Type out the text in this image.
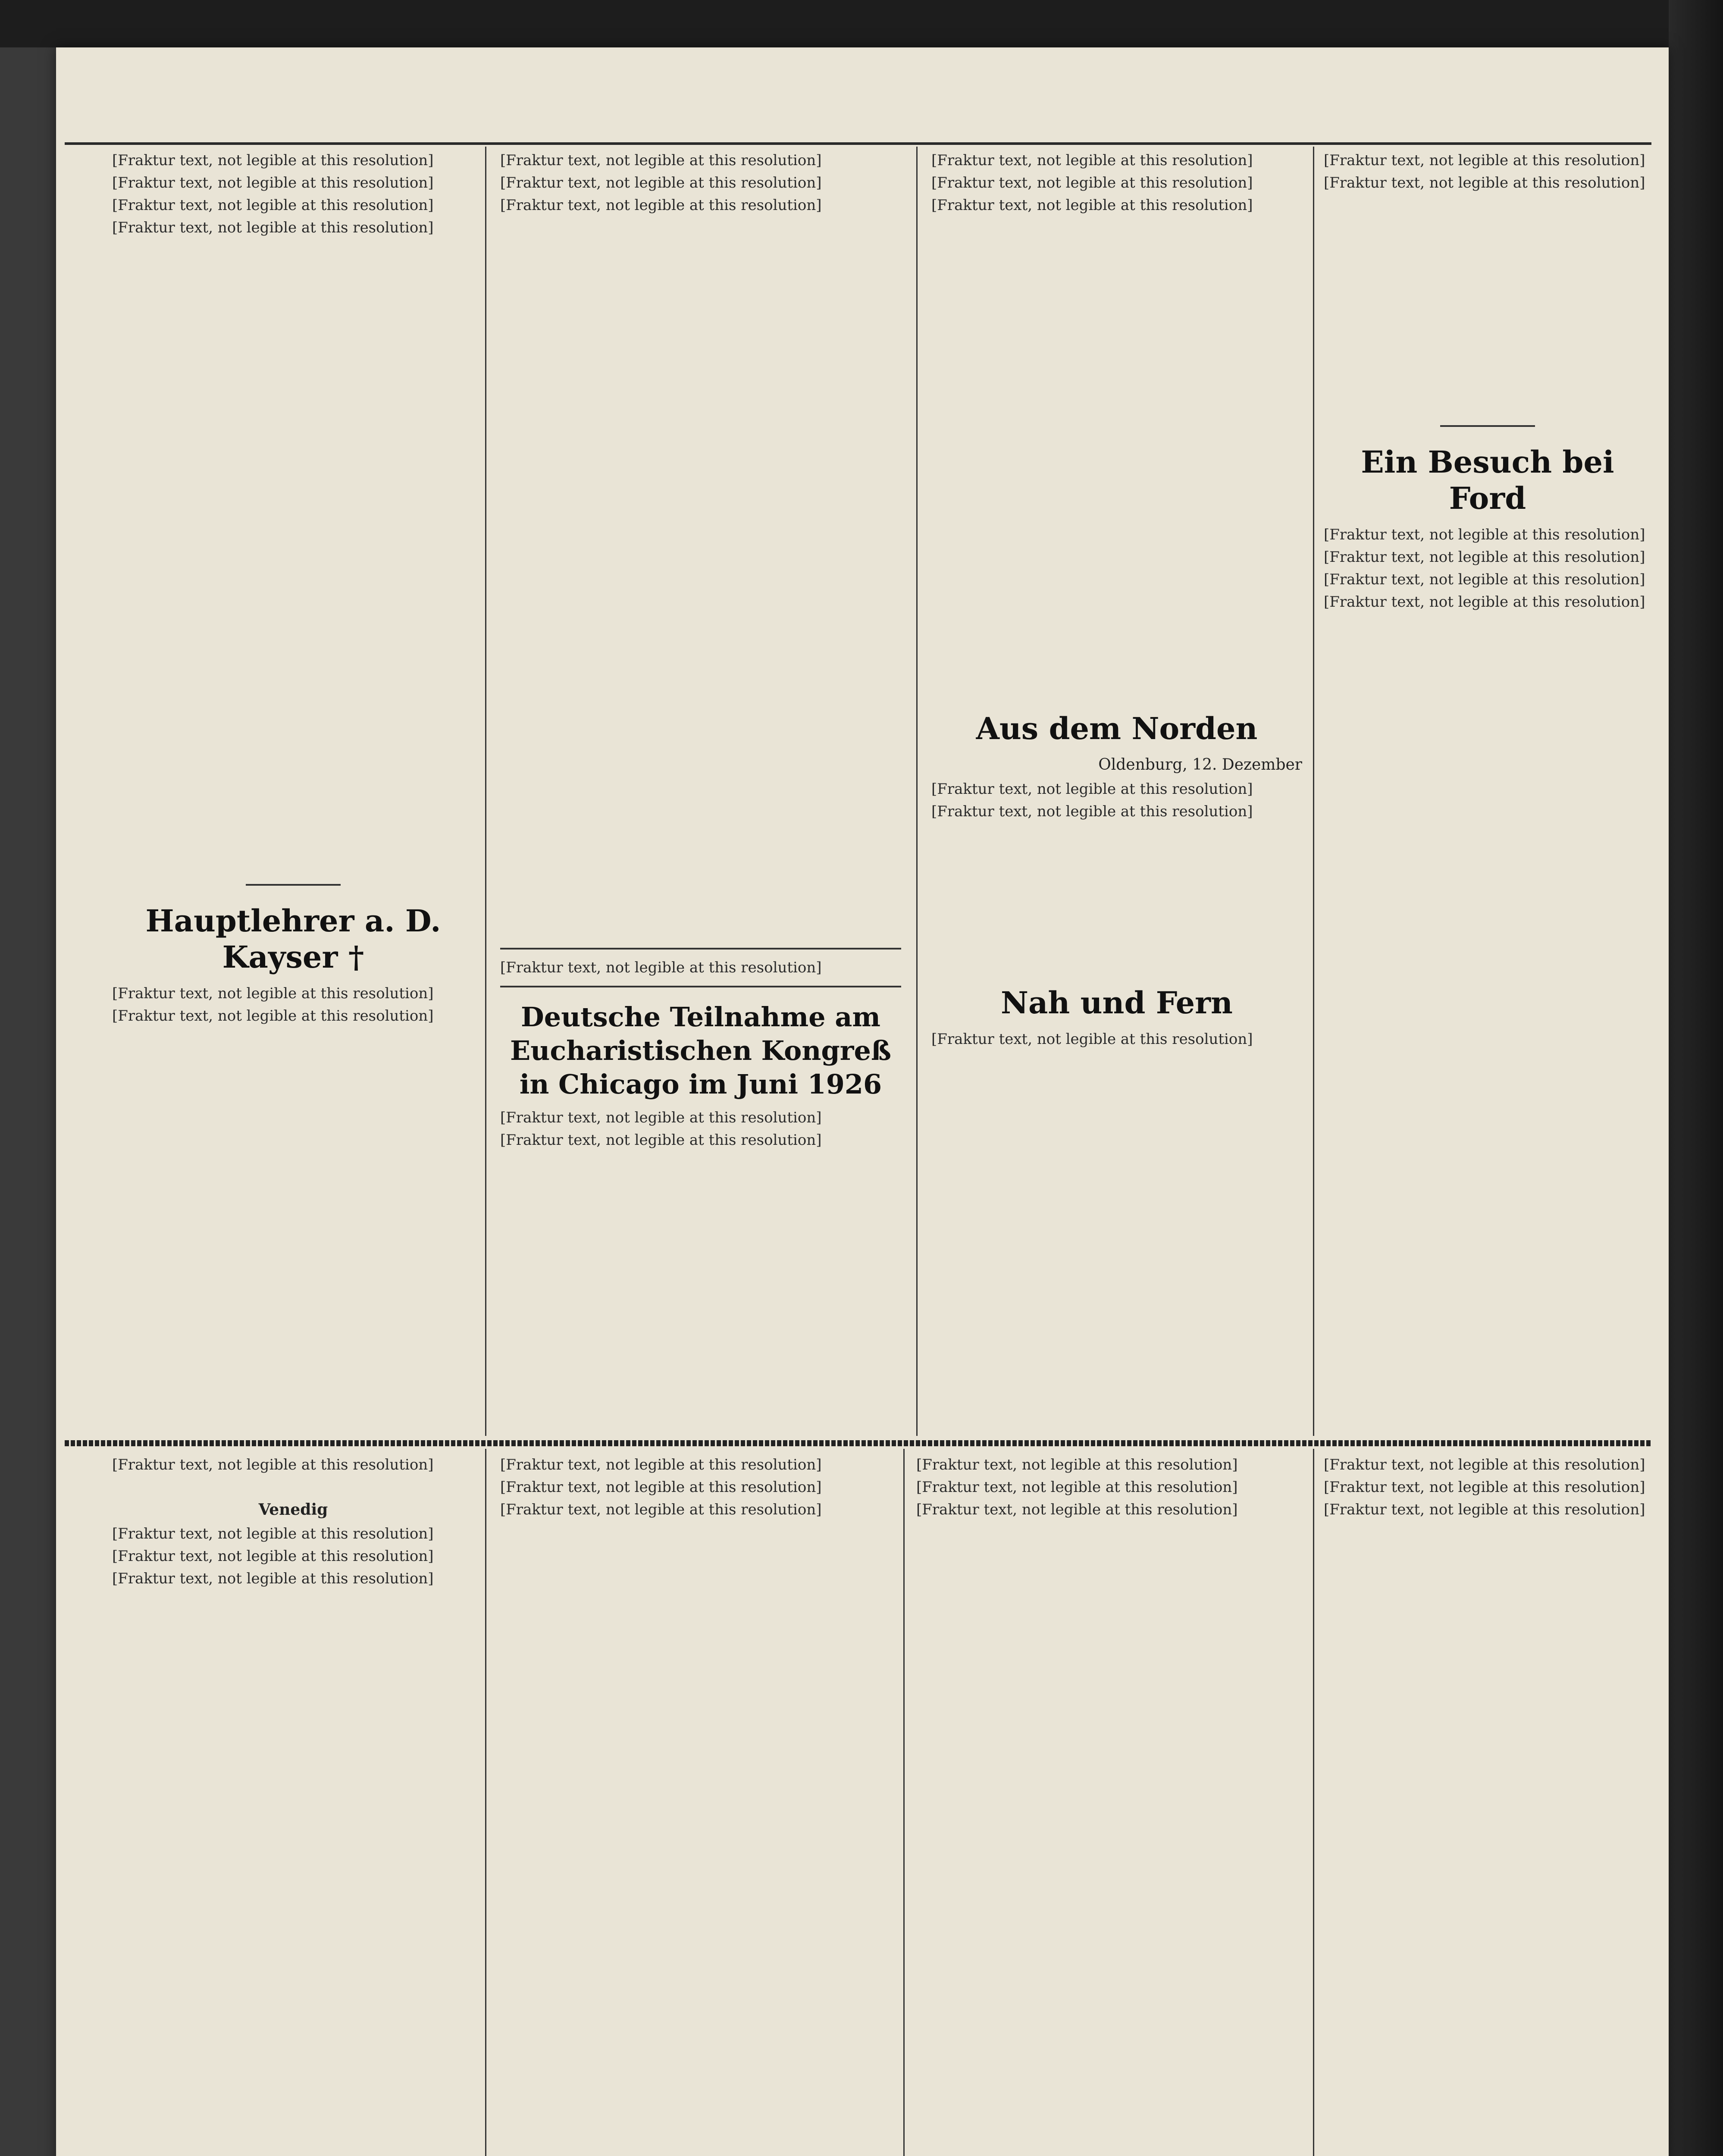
[Fraktur text, not legible at this resolution]

[Fraktur text, not legible at this resolution]

[Fraktur text, not legible at this resolution]

[Fraktur text, not legible at this resolution]

Hauptlehrer a. D. Kayser †

[Fraktur text, not legible at this resolution]

[Fraktur text, not legible at this resolution]

[Fraktur text, not legible at this resolution]

[Fraktur text, not legible at this resolution]

[Fraktur text, not legible at this resolution]

[Fraktur text, not legible at this resolution]

Deutsche Teilnahme am Eucharistischen Kongreß in Chicago im Juni 1926

[Fraktur text, not legible at this resolution]

[Fraktur text, not legible at this resolution]

[Fraktur text, not legible at this resolution]

[Fraktur text, not legible at this resolution]

[Fraktur text, not legible at this resolution]

Aus dem Norden
Oldenburg, 12. Dezember

[Fraktur text, not legible at this resolution]

[Fraktur text, not legible at this resolution]

Nah und Fern

[Fraktur text, not legible at this resolution]

[Fraktur text, not legible at this resolution]

[Fraktur text, not legible at this resolution]

Ein Besuch bei Ford

[Fraktur text, not legible at this resolution]

[Fraktur text, not legible at this resolution]

[Fraktur text, not legible at this resolution]

[Fraktur text, not legible at this resolution]

[Fraktur text, not legible at this resolution]

Venedig

[Fraktur text, not legible at this resolution]

[Fraktur text, not legible at this resolution]

[Fraktur text, not legible at this resolution]

[Fraktur text, not legible at this resolution]

[Fraktur text, not legible at this resolution]

[Fraktur text, not legible at this resolution]

[Fraktur text, not legible at this resolution]

[Fraktur text, not legible at this resolution]

[Fraktur text, not legible at this resolution]

[Fraktur text, not legible at this resolution]

[Fraktur text, not legible at this resolution]

[Fraktur text, not legible at this resolution]
